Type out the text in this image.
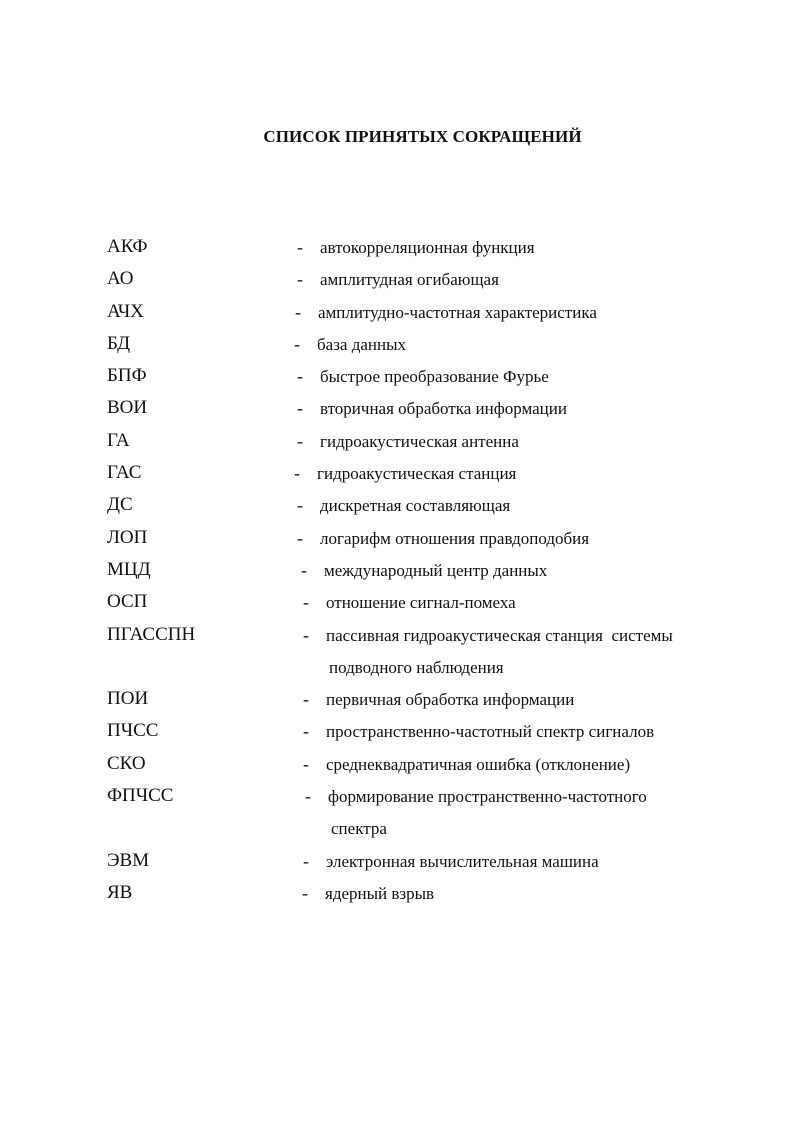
СПИСОК ПРИНЯТЫХ СОКРАЩЕНИЙ
АКФ	- автокорреляционная функция
АО	- амплитудная огибающая
АЧХ	- амплитудно-частотная характеристика
БД	- база данных
БПФ	- быстрое преобразование Фурье
ВОИ	- вторичная обработка информации
ГА	- гидроакустическая антенна
ГАС	- гидроакустическая станция
ДС	- дискретная составляющая
ЛОП	- логарифм отношения правдоподобия
МЦД	- международный центр данных
ОСП	- отношение сигнал-помеха
ПГАССПН	- пассивная гидроакустическая станция  системы
подводного наблюдения
ПОИ	- первичная обработка информации
ПЧСС	- пространственно-частотный спектр сигналов
СКО	- среднеквадратичная ошибка (отклонение)
ФПЧСС	- формирование пространственно-частотного
спектра
ЭВМ	- электронная вычислительная машина
ЯВ	- ядерный взрыв
